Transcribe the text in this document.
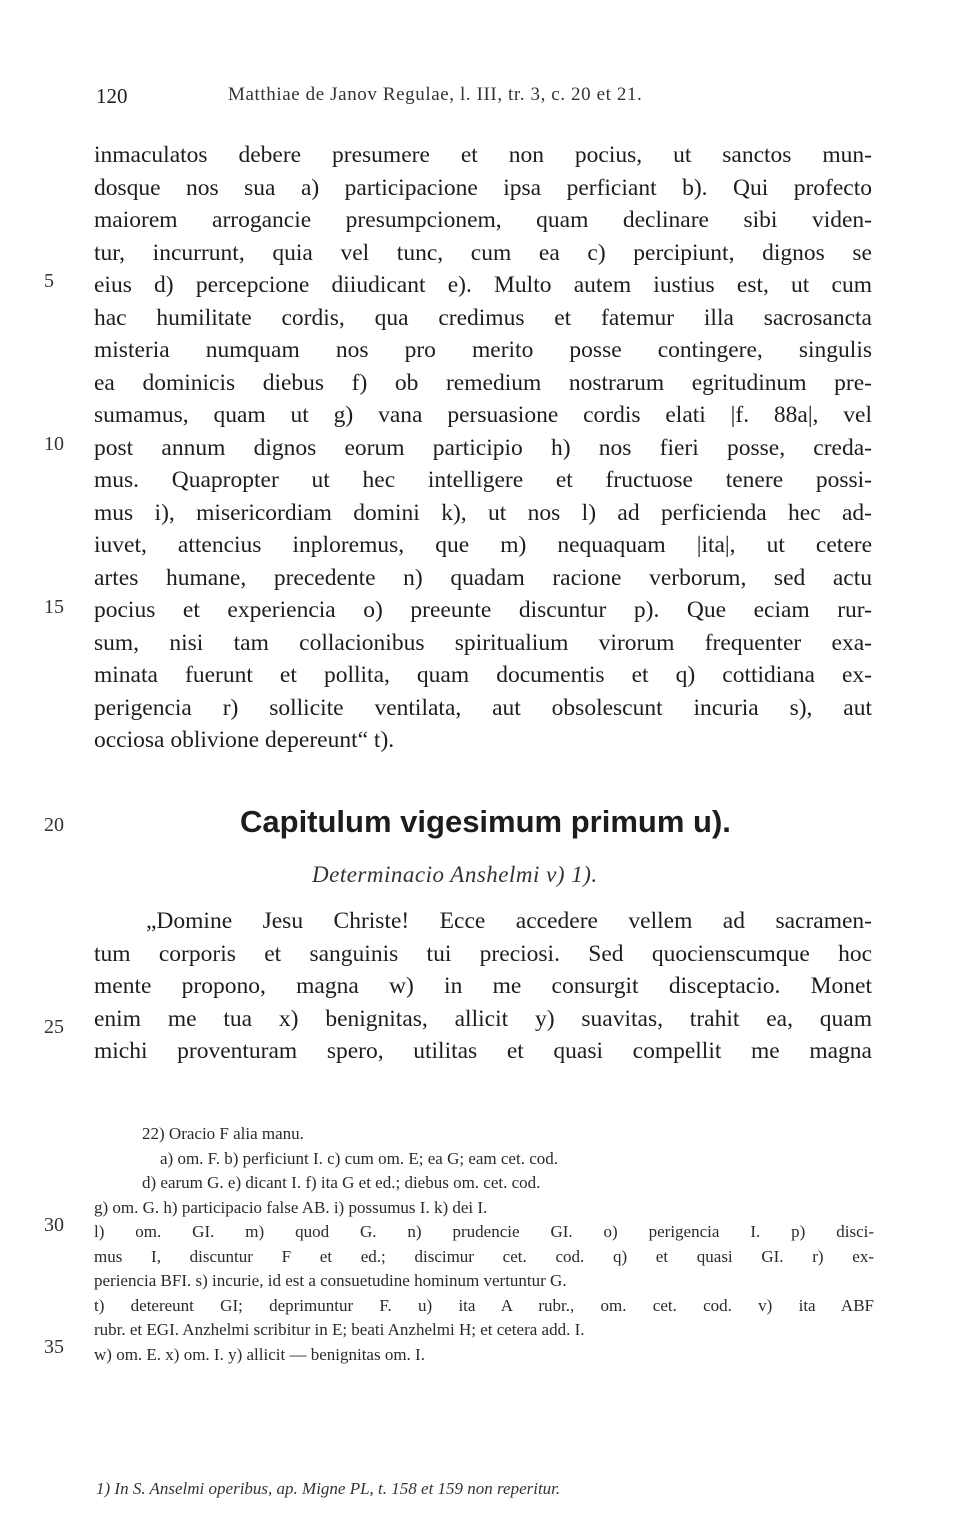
120	Matthiae de Janov Regulae, l. III, tr. 3, c. 20 et 21.
inmaculatos debere presumere et non pocius, ut sanctos mun-
dosque nos sua a) participacione ipsa perficiant b). Qui profecto
maiorem arrogancie presumpcionem, quam declinare sibi viden-
tur, incurrunt, quia vel tunc, cum ea c) percipiunt, dignos se
eius d) percepcione diiudicant e). Multo autem iustius est, ut cum
hac humilitate cordis, qua credimus et fatemur illa sacrosancta
misteria numquam nos pro merito posse contingere, singulis
ea dominicis diebus f) ob remedium nostrarum egritudinum pre-
sumamus, quam ut g) vana persuasione cordis elati |f. 88a|, vel
post annum dignos eorum participio h) nos fieri posse, creda-
mus. Quapropter ut hec intelligere et fructuose tenere possi-
mus i), misericordiam domini k), ut nos l) ad perficienda hec ad-
iuvet, attencius inploremus, que m) nequaquam |ita|, ut cetere
artes humane, precedente n) quadam racione verborum, sed actu
pocius et experiencia o) preeunte discuntur p). Que eciam rur-
sum, nisi tam collacionibus spiritualium virorum frequenter exa-
minata fuerunt et pollita, quam documentis et q) cottidiana ex-
perigencia r) sollicite ventilata, aut obsolescunt incuria s), aut
occiosa oblivione depereunt“ t).
5
10
15
20
25
30
35
Capitulum vigesimum primum u).
Determinacio Anshelmi v) 1).
„Domine Jesu Christe! Ecce accedere vellem ad sacramen-
tum corporis et sanguinis tui preciosi. Sed quocienscumque hoc
mente propono, magna w) in me consurgit disceptacio. Monet
enim me tua x) benignitas, allicit y) suavitas, trahit ea, quam
michi proventuram spero, utilitas et quasi compellit me magna
22) Oracio F alia manu.
a) om. F. b) perficiunt I. c) cum om. E; ea G; eam cet. cod.
d) earum G. e) dicant I. f) ita G et ed.; diebus om. cet. cod.
g) om. G. h) participacio false AB. i) possumus I. k) dei I.
l) om. GI. m) quod G. n) prudencie GI. o) perigencia I. p) disci-
mus I, discuntur F et ed.; discimur cet. cod. q) et quasi GI. r) ex-
periencia BFI. s) incurie, id est a consuetudine hominum vertuntur G.
t) detereunt GI; deprimuntur F. u) ita A rubr., om. cet. cod. v) ita ABF
rubr. et EGI. Anzhelmi scribitur in E; beati Anzhelmi H; et cetera add. I.
w) om. E. x) om. I. y) allicit — benignitas om. I.
1) In S. Anselmi operibus, ap. Migne PL, t. 158 et 159 non reperitur.
